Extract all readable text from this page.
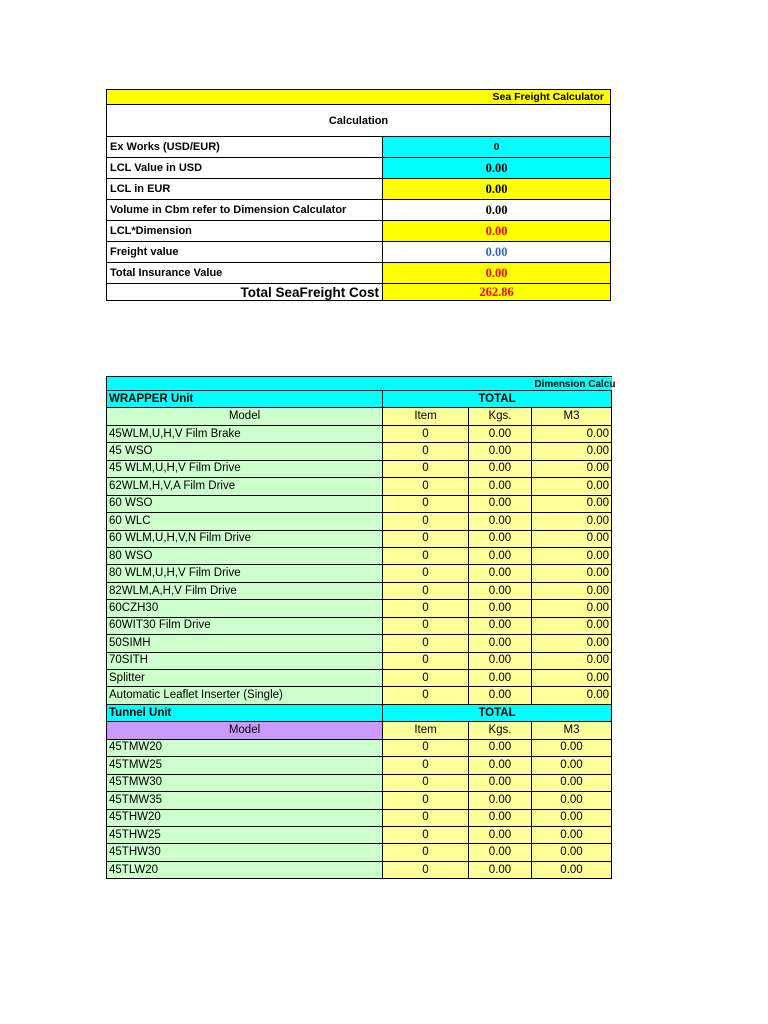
Sea Freight Calculator	
Calculation	
Ex Works (USD/EUR)	0
LCL Value in USD	0.00
LCL in EUR	0.00
Volume in Cbm refer to Dimension Calculator	0.00
LCL*Dimension	0.00
Freight value	0.00
Total Insurance Value	0.00
Total SeaFreight Cost	262.86
Dimension Calcu			

WRAPPER Unit	TOTAL		
Model	Item	Kgs.	M3
45WLM,U,H,V Film Brake	0	0.00	0.00
45 WSO	0	0.00	0.00
45 WLM,U,H,V Film Drive	0	0.00	0.00
62WLM,H,V,A Film Drive	0	0.00	0.00
60 WSO	0	0.00	0.00
60 WLC	0	0.00	0.00
60 WLM,U,H,V,N Film Drive	0	0.00	0.00
80 WSO	0	0.00	0.00
80 WLM,U,H,V Film Drive	0	0.00	0.00
82WLM,A,H,V Film Drive	0	0.00	0.00
60CZH30	0	0.00	0.00
60WIT30 Film Drive	0	0.00	0.00
50SIMH	0	0.00	0.00
70SITH	0	0.00	0.00
Splitter	0	0.00	0.00
Automatic Leaflet Inserter (Single)	0	0.00	0.00
Tunnel Unit	TOTAL		
Model	Item	Kgs.	M3
45TMW20	0	0.00	0.00
45TMW25	0	0.00	0.00
45TMW30	0	0.00	0.00
45TMW35	0	0.00	0.00
45THW20	0	0.00	0.00
45THW25	0	0.00	0.00
45THW30	0	0.00	0.00
45TLW20	0	0.00	0.00
